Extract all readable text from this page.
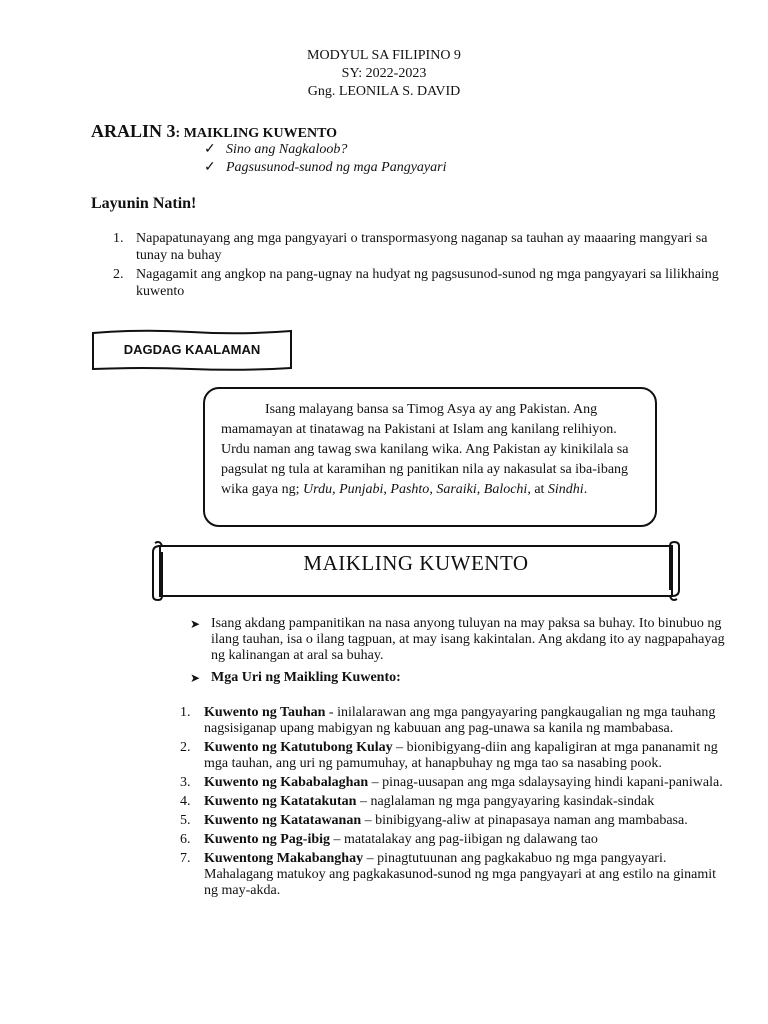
MODYUL SA FILIPINO 9
SY: 2022-2023
Gng. LEONILA S. DAVID
ARALIN 3: MAIKLING KUWENTO
✓ Sino ang Nagkaloob?
✓ Pagsusunod-sunod ng mga Pangyayari
Layunin Natin!
1. Napapatunayang ang mga pangyayari o transpormasyong naganap sa tauhan ay maaaring mangyari sa tunay na buhay
2. Nagagamit ang angkop na pang-ugnay na hudyat ng pagsusunod-sunod ng mga pangyayari sa lilikhaing kuwento
DAGDAG KAALAMAN

Isang malayang bansa sa Timog Asya ay ang Pakistan. Ang mamamayan at tinatawag na Pakistani at Islam ang kanilang relihiyon. Urdu naman ang tawag swa kanilang wika. Ang Pakistan ay kinikilala sa pagsulat ng tula at karamihan ng panitikan nila ay nakasulat sa iba-ibang wika gaya ng; Urdu, Punjabi, Pashto, Saraiki, Balochi, at Sindhi.

MAIKLING KUWENTO
➤ Isang akdang pampanitikan na nasa anyong tuluyan na may paksa sa buhay. Ito binubuo ng ilang tauhan, isa o ilang tagpuan, at may isang kakintalan. Ang akdang ito ay nagpapahayag ng kalinangan at aral sa buhay.
➤ Mga Uri ng Maikling Kuwento:
1. Kuwento ng Tauhan - inilalarawan ang mga pangyayaring pangkaugalian ng mga tauhang nagsisiganap upang mabigyan ng kabuuan ang pag-unawa sa kanila ng mambabasa.
2. Kuwento ng Katutubong Kulay – bionibigyang-diin ang kapaligiran at mga pananamit ng mga tauhan, ang uri ng pamumuhay, at hanapbuhay ng mga tao sa nasabing pook.
3. Kuwento ng Kababalaghan – pinag-uusapan ang mga sdalaysaying hindi kapani-paniwala.
4. Kuwento ng Katatakutan – naglalaman ng mga pangyayaring kasindak-sindak
5. Kuwento ng Katatawanan – binibigyang-aliw at pinapasaya naman ang mambabasa.
6. Kuwento ng Pag-ibig – matatalakay ang pag-iibigan ng dalawang tao
7. Kuwentong Makabanghay – pinagtutuunan ang pagkakabuo ng mga pangyayari. Mahalagang matukoy ang pagkakasunod-sunod ng mga pangyayari at ang estilo na ginamit ng may-akda.
